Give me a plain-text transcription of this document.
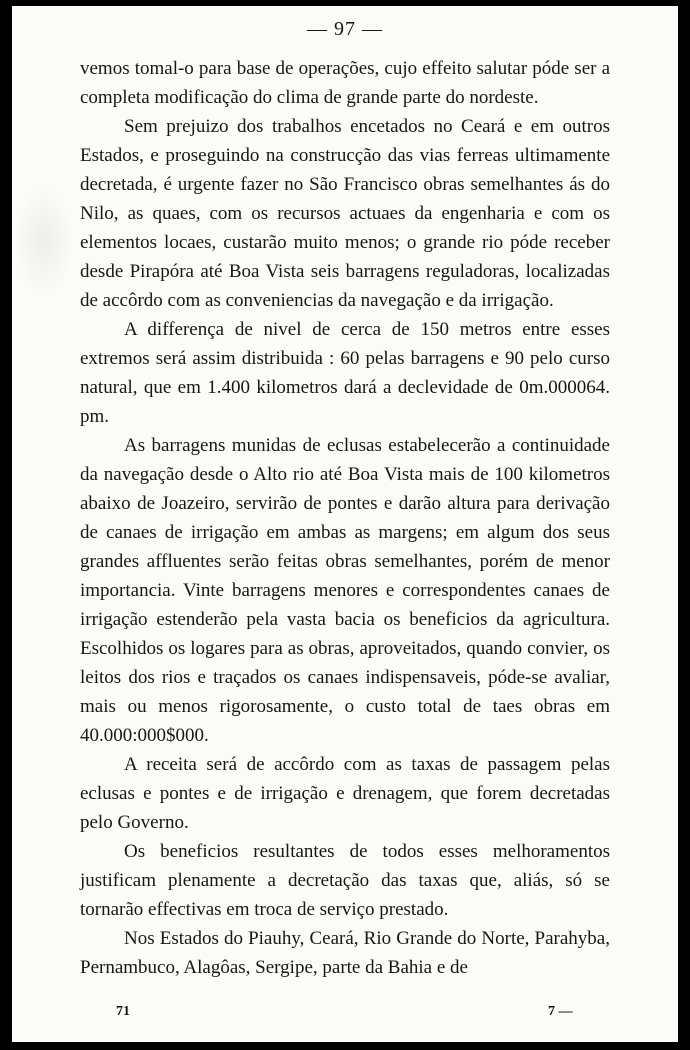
— 97 —

vemos tomal-o para base de operações, cujo effeito salutar póde ser a completa modificação do clima de grande parte do nordeste.

Sem prejuizo dos trabalhos encetados no Ceará e em outros Estados, e proseguindo na construcção das vias ferreas ultimamente decretada, é urgente fazer no São Francisco obras semelhantes ás do Nilo, as quaes, com os recursos actuaes da engenharia e com os elementos locaes, custarão muito menos; o grande rio póde receber desde Pirapóra até Boa Vista seis barragens reguladoras, localizadas de accôrdo com as conveniencias da navegação e da irrigação.

A differença de nivel de cerca de 150 metros entre esses extremos será assim distribuida : 60 pelas barragens e 90 pelo curso natural, que em 1.400 kilometros dará a declevidade de 0m.000064. pm.

As barragens munidas de eclusas estabelecerão a continuidade da navegação desde o Alto rio até Boa Vista mais de 100 kilometros abaixo de Joazeiro, servirão de pontes e darão altura para derivação de canaes de irrigação em ambas as margens; em algum dos seus grandes affluentes serão feitas obras semelhantes, porém de menor importancia. Vinte barragens menores e correspondentes canaes de irrigação estenderão pela vasta bacia os beneficios da agricultura. Escolhidos os logares para as obras, aproveitados, quando convier, os leitos dos rios e traçados os canaes indispensaveis, póde-se avaliar, mais ou menos rigorosamente, o custo total de taes obras em 40.000:000$000.

A receita será de accôrdo com as taxas de passagem pelas eclusas e pontes e de irrigação e drenagem, que forem decretadas pelo Governo.

Os beneficios resultantes de todos esses melhoramentos justificam plenamente a decretação das taxas que, aliás, só se tornarão effectivas em troca de serviço prestado.

Nos Estados do Piauhy, Ceará, Rio Grande do Norte, Parahyba, Pernambuco, Alagôas, Sergipe, parte da Bahia e de

71	7 —
